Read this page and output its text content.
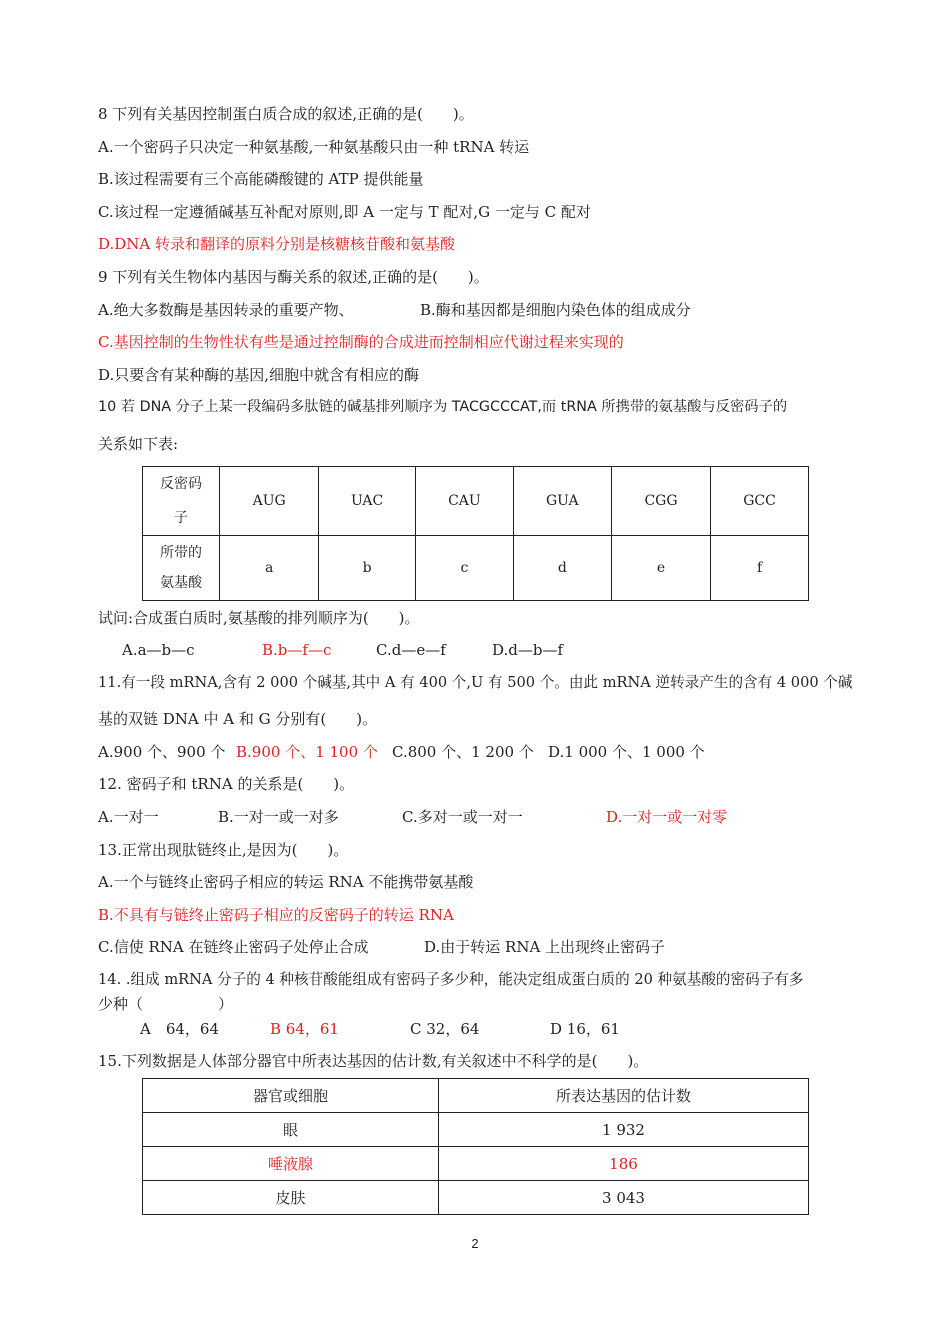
8 下列有关基因控制蛋白质合成的叙述,正确的是(　　)。
A.一个密码子只决定一种氨基酸,一种氨基酸只由一种 tRNA 转运
B.该过程需要有三个高能磷酸键的 ATP 提供能量
C.该过程一定遵循碱基互补配对原则,即 A 一定与 T 配对,G 一定与 C 配对
D.DNA 转录和翻译的原料分别是核糖核苷酸和氨基酸
9 下列有关生物体内基因与酶关系的叙述,正确的是(　　)。
A.绝大多数酶是基因转录的重要产物、	B.酶和基因都是细胞内染色体的组成成分
C.基因控制的生物性状有些是通过控制酶的合成进而控制相应代谢过程来实现的
D.只要含有某种酶的基因,细胞中就含有相应的酶
10 若 DNA 分子上某一段编码多肽链的碱基排列顺序为 TACGCCCAT,而 tRNA 所携带的氨基酸与反密码子的
关系如下表:
反密码
子	AUG	UAC	CAU	GUA	CGG	GCC
所带的
氨基酸	a	b	c	d	e	f
试问:合成蛋白质时,氨基酸的排列顺序为(　　)。
A.a—b—c	B.b—f—c	C.d—e—f	D.d—b—f
11.有一段 mRNA,含有 2 000 个碱基,其中 A 有 400 个,U 有 500 个。由此 mRNA 逆转录产生的含有 4 000 个碱
基的双链 DNA 中 A 和 G 分别有(　　)。
A.900 个、900 个 B.900 个、1 100 个 C.800 个、1 200 个 D.1 000 个、1 000 个
12. 密码子和 tRNA 的关系是(　　)。
A.一对一	B.一对一或一对多	C.多对一或一对一	D.一对一或一对零
13.正常出现肽链终止,是因为(　　)。
A.一个与链终止密码子相应的转运 RNA 不能携带氨基酸
B.不具有与链终止密码子相应的反密码子的转运 RNA
C.信使 RNA 在链终止密码子处停止合成	D.由于转运 RNA 上出现终止密码子
14. .组成 mRNA 分子的 4 种核苷酸能组成有密码子多少种，能决定组成蛋白质的 20 种氨基酸的密码子有多
少种（　　　　　）
A　64，64	B 64，61	C 32，64	D 16，61
15.下列数据是人体部分器官中所表达基因的估计数,有关叙述中不科学的是(　　)。
器官或细胞	所表达基因的估计数
眼	1 932
唾液腺	186
皮肤	3 043
2
